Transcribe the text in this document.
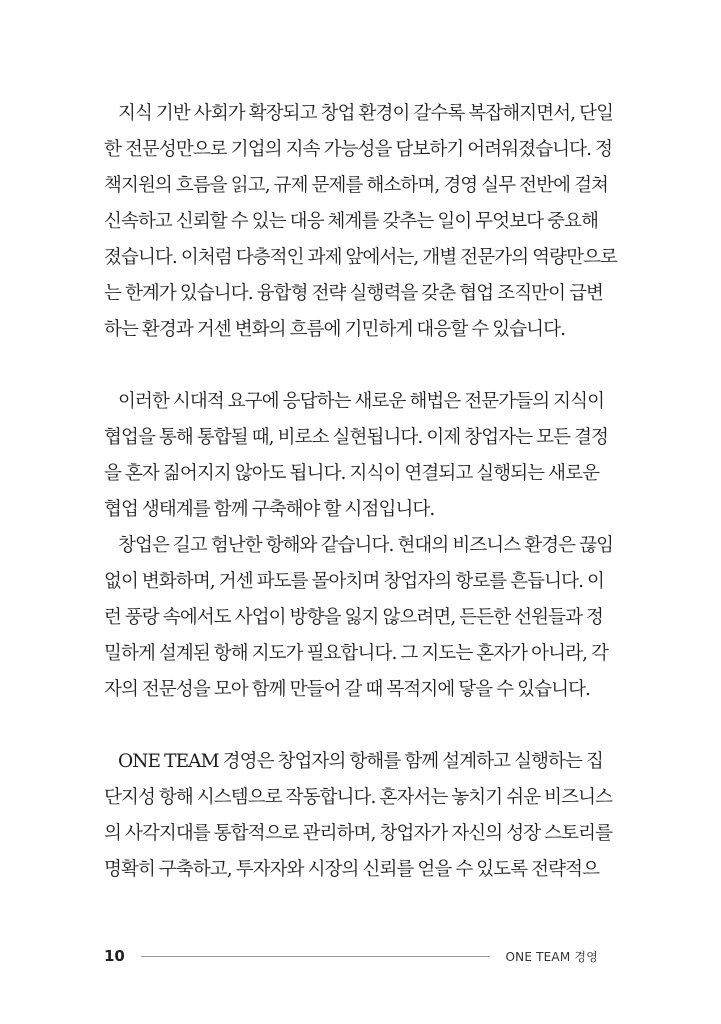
지식 기반 사회가 확장되고 창업 환경이 갈수록 복잡해지면서, 단일
한 전문성만으로 기업의 지속 가능성을 담보하기 어려워졌습니다. 정
책지원의 흐름을 읽고, 규제 문제를 해소하며, 경영 실무 전반에 걸쳐
신속하고 신뢰할 수 있는 대응 체계를 갖추는 일이 무엇보다 중요해
졌습니다. 이처럼 다층적인 과제 앞에서는, 개별 전문가의 역량만으로
는 한계가 있습니다. 융합형 전략 실행력을 갖춘 협업 조직만이 급변
하는 환경과 거센 변화의 흐름에 기민하게 대응할 수 있습니다.
이러한 시대적 요구에 응답하는 새로운 해법은 전문가들의 지식이
협업을 통해 통합될 때, 비로소 실현됩니다. 이제 창업자는 모든 결정
을 혼자 짊어지지 않아도 됩니다. 지식이 연결되고 실행되는 새로운
협업 생태계를 함께 구축해야 할 시점입니다.
창업은 길고 험난한 항해와 같습니다. 현대의 비즈니스 환경은 끊임
없이 변화하며, 거센 파도를 몰아치며 창업자의 항로를 흔듭니다. 이
런 풍랑 속에서도 사업이 방향을 잃지 않으려면, 든든한 선원들과 정
밀하게 설계된 항해 지도가 필요합니다. 그 지도는 혼자가 아니라, 각
자의 전문성을 모아 함께 만들어 갈 때 목적지에 닿을 수 있습니다.
ONE TEAM 경영은 창업자의 항해를 함께 설계하고 실행하는 집
단지성 항해 시스템으로 작동합니다. 혼자서는 놓치기 쉬운 비즈니스
의 사각지대를 통합적으로 관리하며, 창업자가 자신의 성장 스토리를
명확히 구축하고, 투자자와 시장의 신뢰를 얻을 수 있도록 전략적으
10	ONE TEAM 경영
